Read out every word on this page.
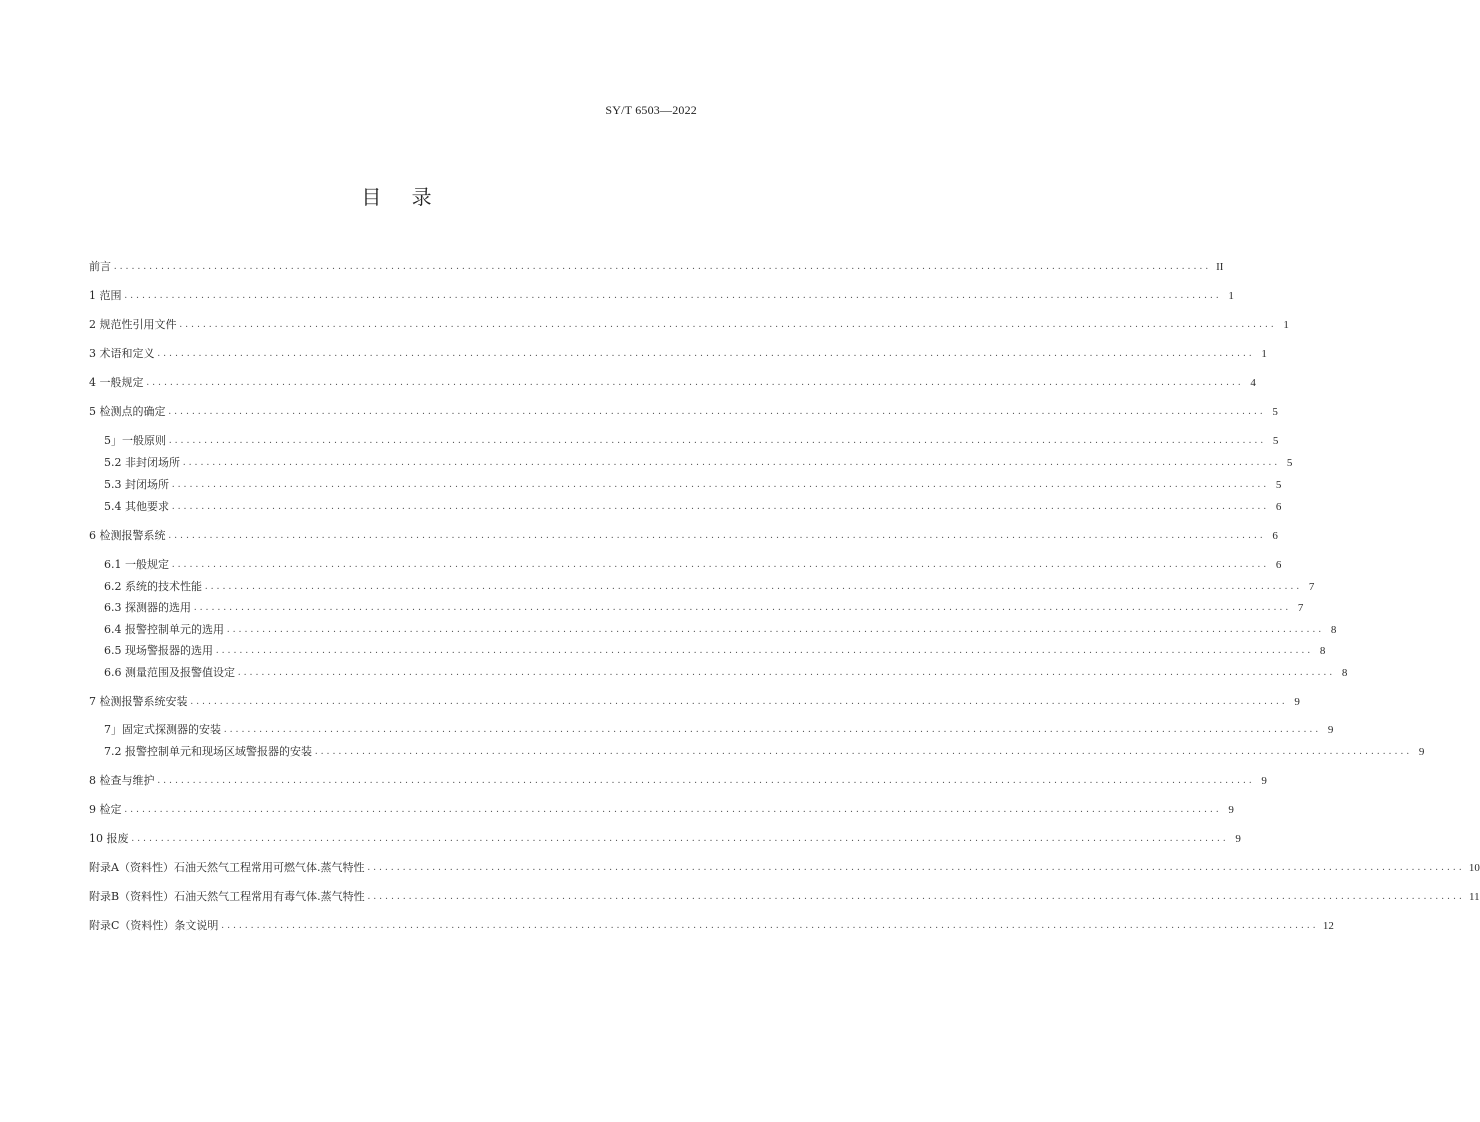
SY/T 6503—2022
目 录
前言 .......................................................................................................................................................................................... II
1 范围 .......................................................................................................................................................................................... 1
2 规范性引用文件 .......................................................................................................................................................................................... 1
3 术语和定义 .......................................................................................................................................................................................... 1
4 一般规定 .......................................................................................................................................................................................... 4
5 检测点的确定 .......................................................................................................................................................................................... 5
5」一般原则 .......................................................................................................................................................................................... 5
5.2 非封闭场所 .......................................................................................................................................................................................... 5
5.3 封闭场所 .......................................................................................................................................................................................... 5
5.4 其他要求 .......................................................................................................................................................................................... 6
6 检测报警系统 .......................................................................................................................................................................................... 6
6.1 一般规定 .......................................................................................................................................................................................... 6
6.2 系统的技术性能 .......................................................................................................................................................................................... 7
6.3 探测器的选用 .......................................................................................................................................................................................... 7
6.4 报警控制单元的选用 .......................................................................................................................................................................................... 8
6.5 现场警报器的选用 .......................................................................................................................................................................................... 8
6.6 测量范围及报警值设定 .......................................................................................................................................................................................... 8
7 检测报警系统安装 .......................................................................................................................................................................................... 9
7」固定式探测器的安装 .......................................................................................................................................................................................... 9
7.2 报警控制单元和现场区域警报器的安装 .......................................................................................................................................................................................... 9
8 检查与维护 .......................................................................................................................................................................................... 9
9 检定 .......................................................................................................................................................................................... 9
10 报废 .......................................................................................................................................................................................... 9
附录A（资料性）石油天然气工程常用可燃气体.蒸气特性 .......................................................................................................................................................................................... 10
附录B（资料性）石油天然气工程常用有毒气体.蒸气特性 .......................................................................................................................................................................................... 11
附录C（资料性）条文说明 .......................................................................................................................................................................................... 12
